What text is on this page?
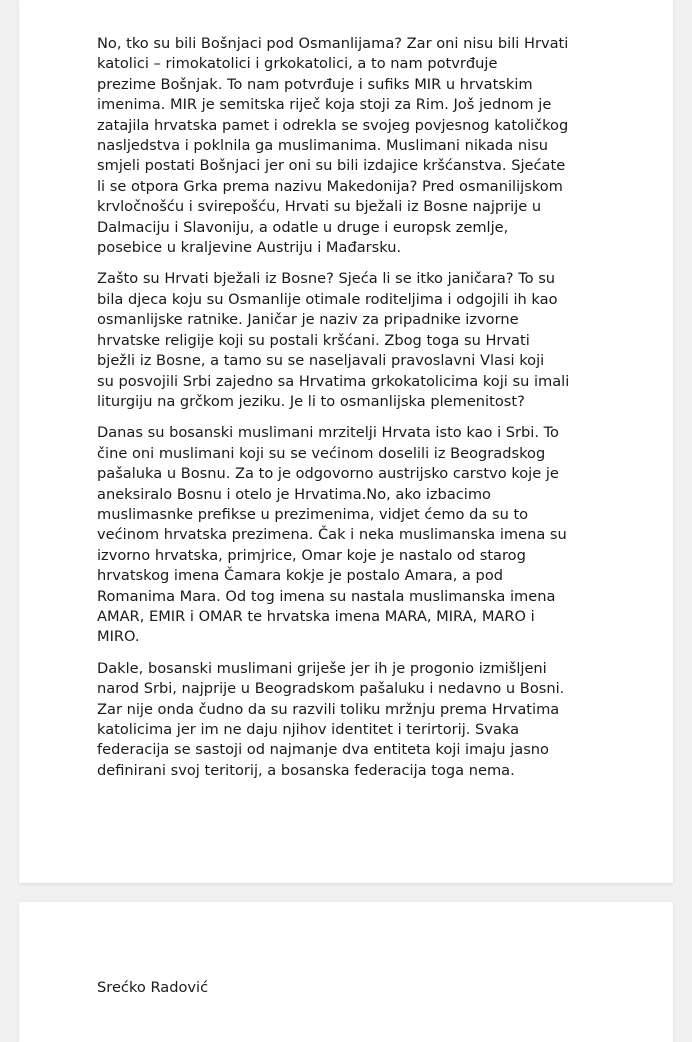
No, tko su bili Bošnjaci pod Osmanlijama? Zar oni nisu bili Hrvati
katolici – rimokatolici i grkokatolici, a to nam potvrđuje
prezime Bošnjak. To nam potvrđuje i sufiks MIR u hrvatskim
imenima. MIR je semitska riječ koja stoji za Rim. Još jednom je
zatajila hrvatska pamet i odrekla se svojeg povjesnog katoličkog
nasljedstva i poklnila ga muslimanima. Muslimani nikada nisu
smjeli postati Bošnjaci jer oni su bili izdajice kršćanstva. Sjećate
li se otpora Grka prema nazivu Makedonija? Pred osmanilijskom
krvločnošću i svirepošću, Hrvati su bježali iz Bosne najprije u
Dalmaciju i Slavoniju, a odatle u druge i europsk zemlje,
posebice u kraljevine Austriju i Mađarsku.

Zašto su Hrvati bježali iz Bosne? Sjeća li se itko janičara? To su
bila djeca koju su Osmanlije otimale roditeljima i odgojili ih kao
osmanlijske ratnike. Janičar je naziv za pripadnike izvorne
hrvatske religije koji su postali kršćani. Zbog toga su Hrvati
bježli iz Bosne, a tamo su se naseljavali pravoslavni Vlasi koji
su posvojili Srbi zajedno sa Hrvatima grkokatolicima koji su imali
liturgiju na grčkom jeziku. Je li to osmanlijska plemenitost?

Danas su bosanski muslimani mrzitelji Hrvata isto kao i Srbi. To
čine oni muslimani koji su se većinom doselili iz Beogradskog
pašaluka u Bosnu. Za to je odgovorno austrijsko carstvo koje je
aneksiralo Bosnu i otelo je Hrvatima.No, ako izbacimo
muslimasnke prefikse u prezimenima, vidjet ćemo da su to
većinom hrvatska prezimena. Čak i neka muslimanska imena su
izvorno hrvatska, primjrice, Omar koje je nastalo od starog
hrvatskog imena Čamara kokje je postalo Amara, a pod
Romanima Mara. Od tog imena su nastala muslimanska imena
AMAR, EMIR i OMAR te hrvatska imena MARA, MIRA, MARO i
MIRO.

Dakle, bosanski muslimani griješe jer ih je progonio izmišljeni
narod Srbi, najprije u Beogradskom pašaluku i nedavno u Bosni.
Zar nije onda čudno da su razvili toliku mržnju prema Hrvatima
katolicima jer im ne daju njihov identitet i terirtorij. Svaka
federacija se sastoji od najmanje dva entiteta koji imaju jasno
definirani svoj teritorij, a bosanska federacija toga nema.

Srećko Radović
